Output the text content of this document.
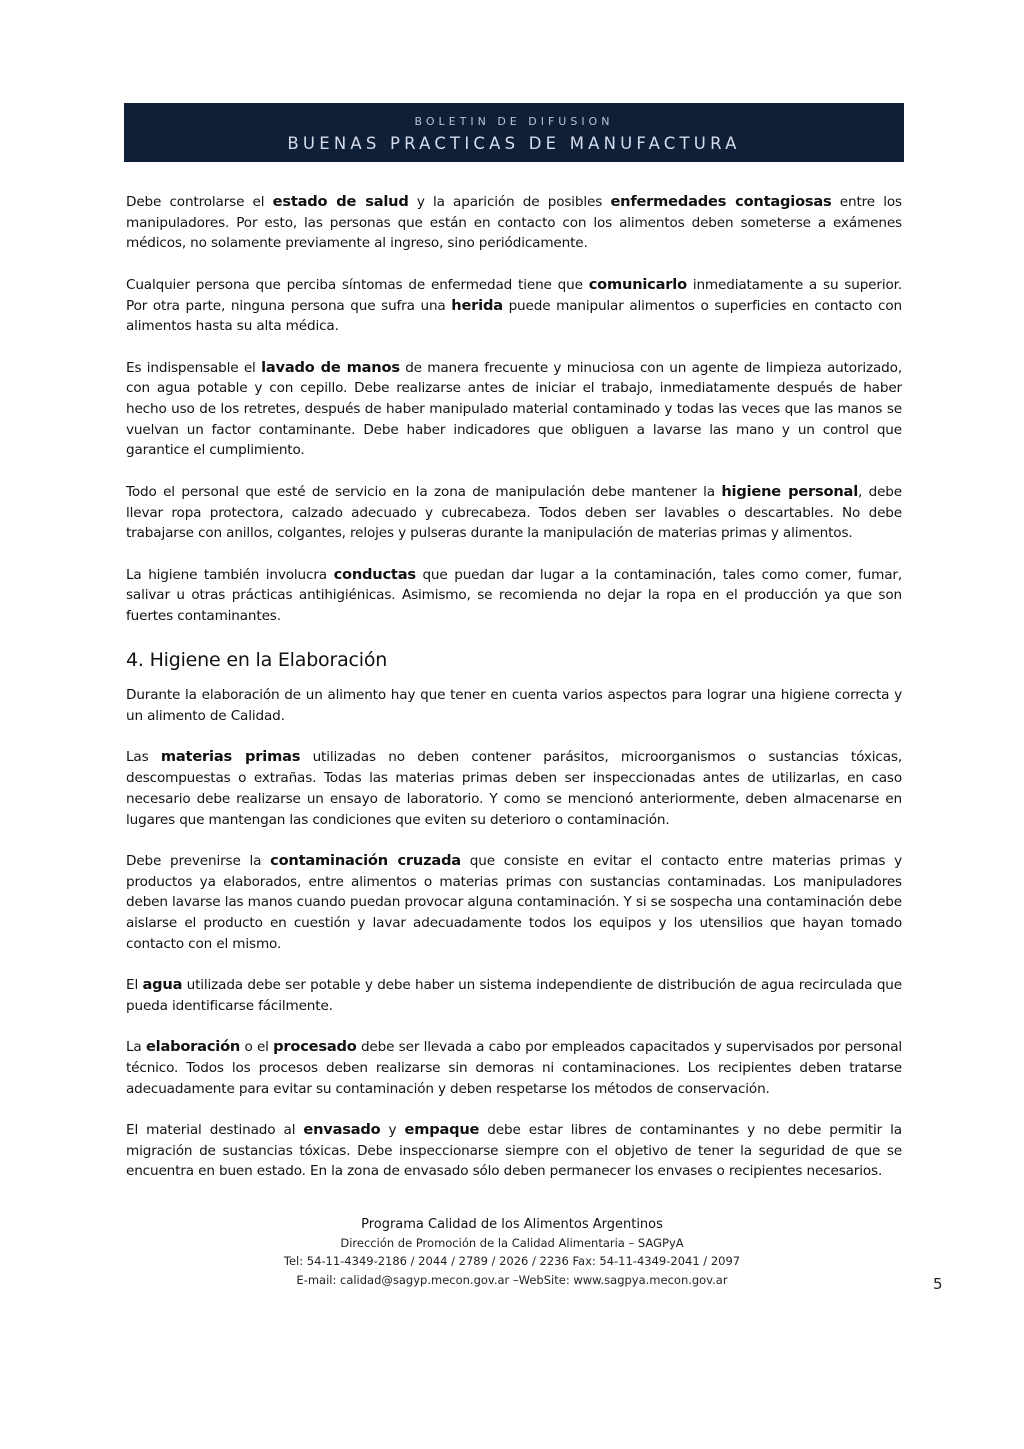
BOLETIN DE DIFUSION
BUENAS PRACTICAS DE MANUFACTURA

Debe controlarse el estado de salud y la aparición de posibles enfermedades contagiosas entre los manipuladores. Por esto, las personas que están en contacto con los alimentos deben someterse a exámenes médicos, no solamente previamente al ingreso, sino periódicamente.

Cualquier persona que perciba síntomas de enfermedad tiene que comunicarlo inmediatamente a su superior. Por otra parte, ninguna persona que sufra una herida puede manipular alimentos o superficies en contacto con alimentos hasta su alta médica.

Es indispensable el lavado de manos de manera frecuente y minuciosa con un agente de limpieza autorizado, con agua potable y con cepillo. Debe realizarse antes de iniciar el trabajo, inmediatamente después de haber hecho uso de los retretes, después de haber manipulado material contaminado y todas las veces que las manos se vuelvan un factor contaminante. Debe haber indicadores que obliguen a lavarse las mano y un control que garantice el cumplimiento.

Todo el personal que esté de servicio en la zona de manipulación debe mantener la higiene personal, debe llevar ropa protectora, calzado adecuado y cubrecabeza. Todos deben ser lavables o descartables. No debe trabajarse con anillos, colgantes, relojes y pulseras durante la manipulación de materias primas y alimentos.

La higiene también involucra conductas que puedan dar lugar a la contaminación, tales como comer, fumar, salivar u otras prácticas antihigiénicas. Asimismo, se recomienda no dejar la ropa en el producción ya que son fuertes contaminantes.

4. Higiene en la Elaboración

Durante la elaboración de un alimento hay que tener en cuenta varios aspectos para lograr una higiene correcta y un alimento de Calidad.

Las materias primas utilizadas no deben contener parásitos, microorganismos o sustancias tóxicas, descompuestas o extrañas. Todas las materias primas deben ser inspeccionadas antes de utilizarlas, en caso necesario debe realizarse un ensayo de laboratorio. Y como se mencionó anteriormente, deben almacenarse en lugares que mantengan las condiciones que eviten su deterioro o contaminación.

Debe prevenirse la contaminación cruzada que consiste en evitar el contacto entre materias primas y productos ya elaborados, entre alimentos o materias primas con sustancias contaminadas. Los manipuladores deben lavarse las manos cuando puedan provocar alguna contaminación. Y si se sospecha una contaminación debe aislarse el producto en cuestión y lavar adecuadamente todos los equipos y los utensilios que hayan tomado contacto con el mismo.

El agua utilizada debe ser potable y debe haber un sistema independiente de distribución de agua recirculada que pueda identificarse fácilmente.

La elaboración o el procesado debe ser llevada a cabo por empleados capacitados y supervisados por personal técnico. Todos los procesos deben realizarse sin demoras ni contaminaciones. Los recipientes deben tratarse adecuadamente para evitar su contaminación y deben respetarse los métodos de conservación.

El material destinado al envasado y empaque debe estar libres de contaminantes y no debe permitir la migración de sustancias tóxicas. Debe inspeccionarse siempre con el objetivo de tener la seguridad de que se encuentra en buen estado. En la zona de envasado sólo deben permanecer los envases o recipientes necesarios.

Programa Calidad de los Alimentos Argentinos
Dirección de Promoción de la Calidad Alimentaria – SAGPyA
Tel: 54-11-4349-2186 / 2044 / 2789 / 2026 / 2236 Fax: 54-11-4349-2041 / 2097
E-mail: calidad@sagyp.mecon.gov.ar –WebSite: www.sagpya.mecon.gov.ar	5
